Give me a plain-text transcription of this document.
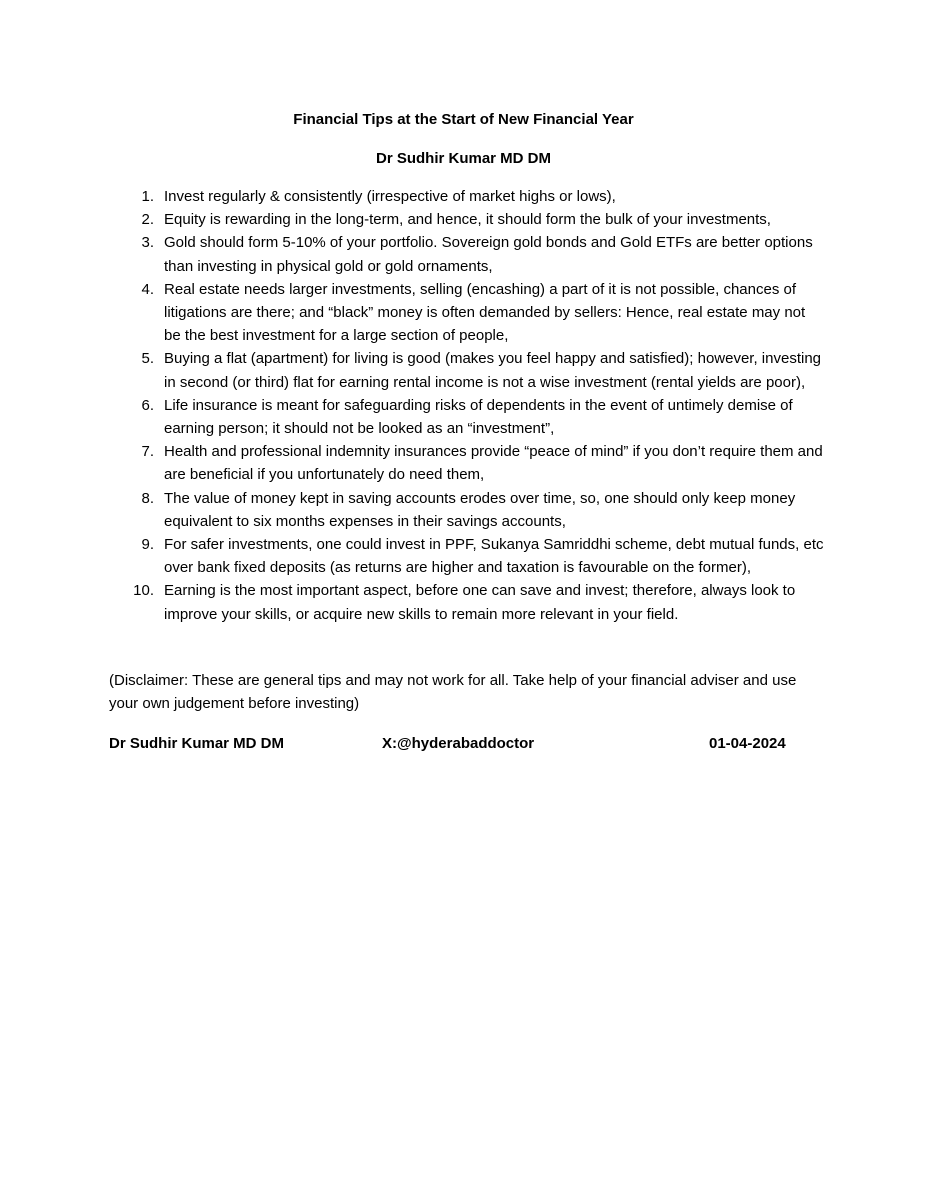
Financial Tips at the Start of New Financial Year

Dr Sudhir Kumar MD DM

1. Invest regularly & consistently (irrespective of market highs or lows),
2. Equity is rewarding in the long-term, and hence, it should form the bulk of your investments,
3. Gold should form 5-10% of your portfolio. Sovereign gold bonds and Gold ETFs are better options than investing in physical gold or gold ornaments,
4. Real estate needs larger investments, selling (encashing) a part of it is not possible, chances of litigations are there; and “black” money is often demanded by sellers: Hence, real estate may not be the best investment for a large section of people,
5. Buying a flat (apartment) for living is good (makes you feel happy and satisfied); however, investing in second (or third) flat for earning rental income is not a wise investment (rental yields are poor),
6. Life insurance is meant for safeguarding risks of dependents in the event of untimely demise of earning person; it should not be looked as an “investment”,
7. Health and professional indemnity insurances provide “peace of mind” if you don’t require them and are beneficial if you unfortunately do need them,
8. The value of money kept in saving accounts erodes over time, so, one should only keep money equivalent to six months expenses in their savings accounts,
9. For safer investments, one could invest in PPF, Sukanya Samriddhi scheme, debt mutual funds, etc over bank fixed deposits (as returns are higher and taxation is favourable on the former),
10. Earning is the most important aspect, before one can save and invest; therefore, always look to improve your skills, or acquire new skills to remain more relevant in your field.

(Disclaimer: These are general tips and may not work for all. Take help of your financial adviser and use your own judgement before investing)

Dr Sudhir Kumar MD DM	X:@hyderabaddoctor	01-04-2024
